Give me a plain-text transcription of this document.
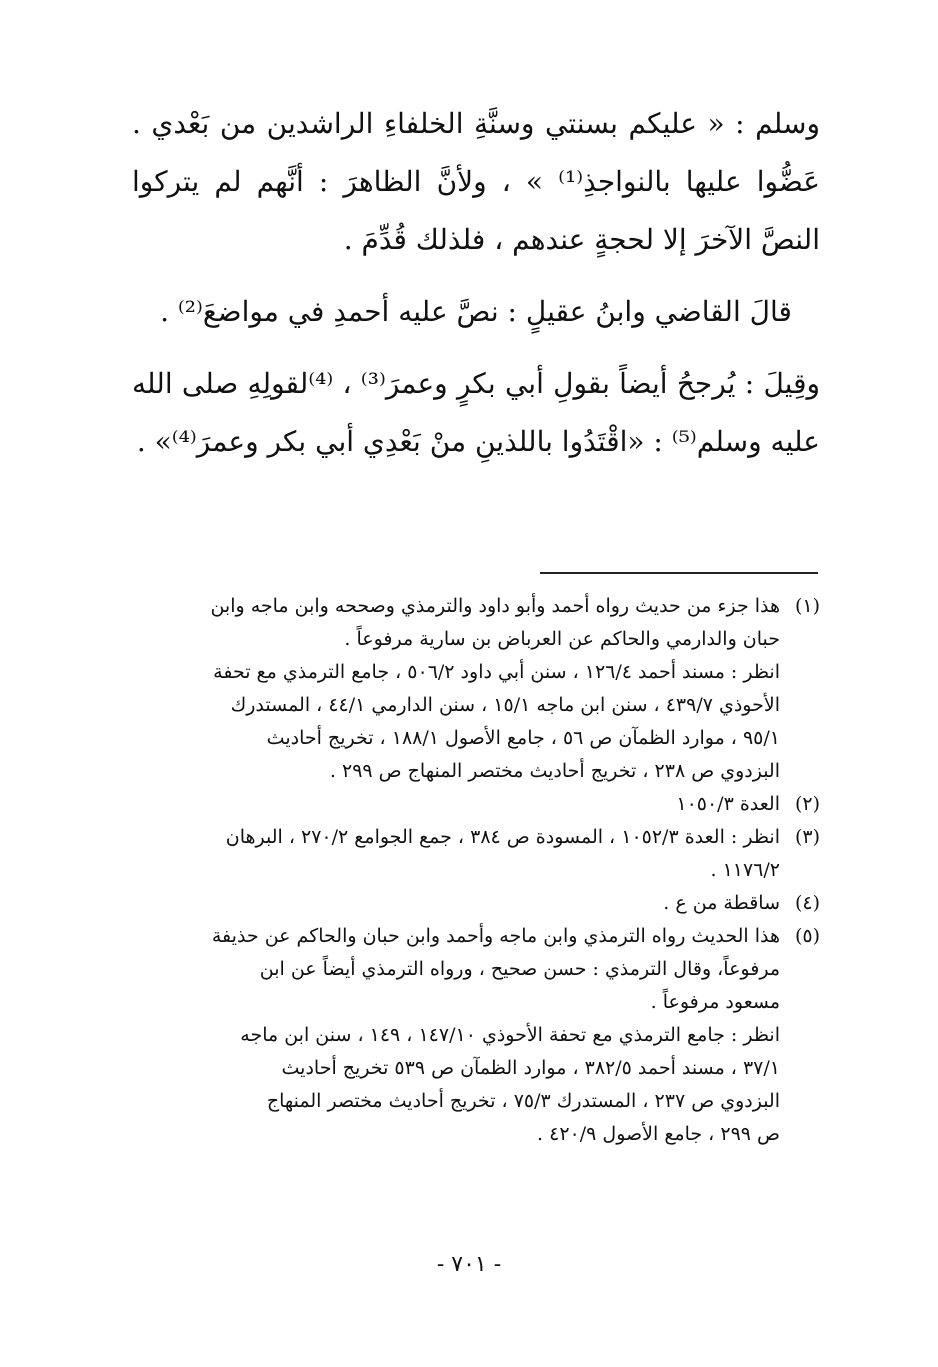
وسلم : « عليكم بسنتي وسنَّةِ الخلفاءِ الراشدين من بَعْدي . عَضُّوا عليها بالنواجذِ⁽¹⁾ » ، ولأنَّ الظاهرَ : أنَّهم لم يتركوا النصَّ الآخرَ إلا لحجةٍ عندهم ، فلذلك قُدِّمَ .

قالَ القاضي وابنُ عقيلٍ : نصَّ عليه أحمدِ في مواضعَ⁽²⁾ .

وقِيلَ : يُرجحُ أيضاً بقولِ أبي بكرٍ وعمرَ⁽³⁾ ، ⁽⁴⁾لقولِهِ صلى الله عليه وسلم⁽⁵⁾ : «اقْتَدُوا باللذينِ منْ بَعْدِي أبي بكر وعمرَ⁽⁴⁾» .

(١)
هذا جزء من حديث رواه أحمد وأبو داود والترمذي وصححه وابن ماجه وابن
حبان والدارمي والحاكم عن العرباض بن سارية مرفوعاً .
انظر : مسند أحمد ١٢٦/٤ ، سنن أبي داود ٥٠٦/٢ ، جامع الترمذي مع تحفة
الأحوذي ٤٣٩/٧ ، سنن ابن ماجه ١٥/١ ، سنن الدارمي ٤٤/١ ، المستدرك
٩٥/١ ، موارد الظمآن ص ٥٦ ، جامع الأصول ١٨٨/١ ، تخريج أحاديث
البزدوي ص ٢٣٨ ، تخريج أحاديث مختصر المنهاج ص ٢٩٩ .
(٢)
العدة ١٠٥٠/٣
(٣)
انظر : العدة ١٠٥٢/٣ ، المسودة ص ٣٨٤ ، جمع الجوامع ٢٧٠/٢ ، البرهان
١١٧٦/٢ .
(٤)
ساقطة من ع .
(٥)
هذا الحديث رواه الترمذي وابن ماجه وأحمد وابن حبان والحاكم عن حذيفة
مرفوعاً، وقال الترمذي : حسن صحيح ، ورواه الترمذي أيضاً عن ابن
مسعود مرفوعاً .
انظر : جامع الترمذي مع تحفة الأحوذي ١٤٧/١٠ ، ١٤٩ ، سنن ابن ماجه
٣٧/١ ، مسند أحمد ٣٨٢/٥ ، موارد الظمآن ص ٥٣٩ تخريج أحاديث
البزدوي ص ٢٣٧ ، المستدرك ٧٥/٣ ، تخريج أحاديث مختصر المنهاج
ص ٢٩٩ ، جامع الأصول ٤٢٠/٩ .
- ٧٠١ -
